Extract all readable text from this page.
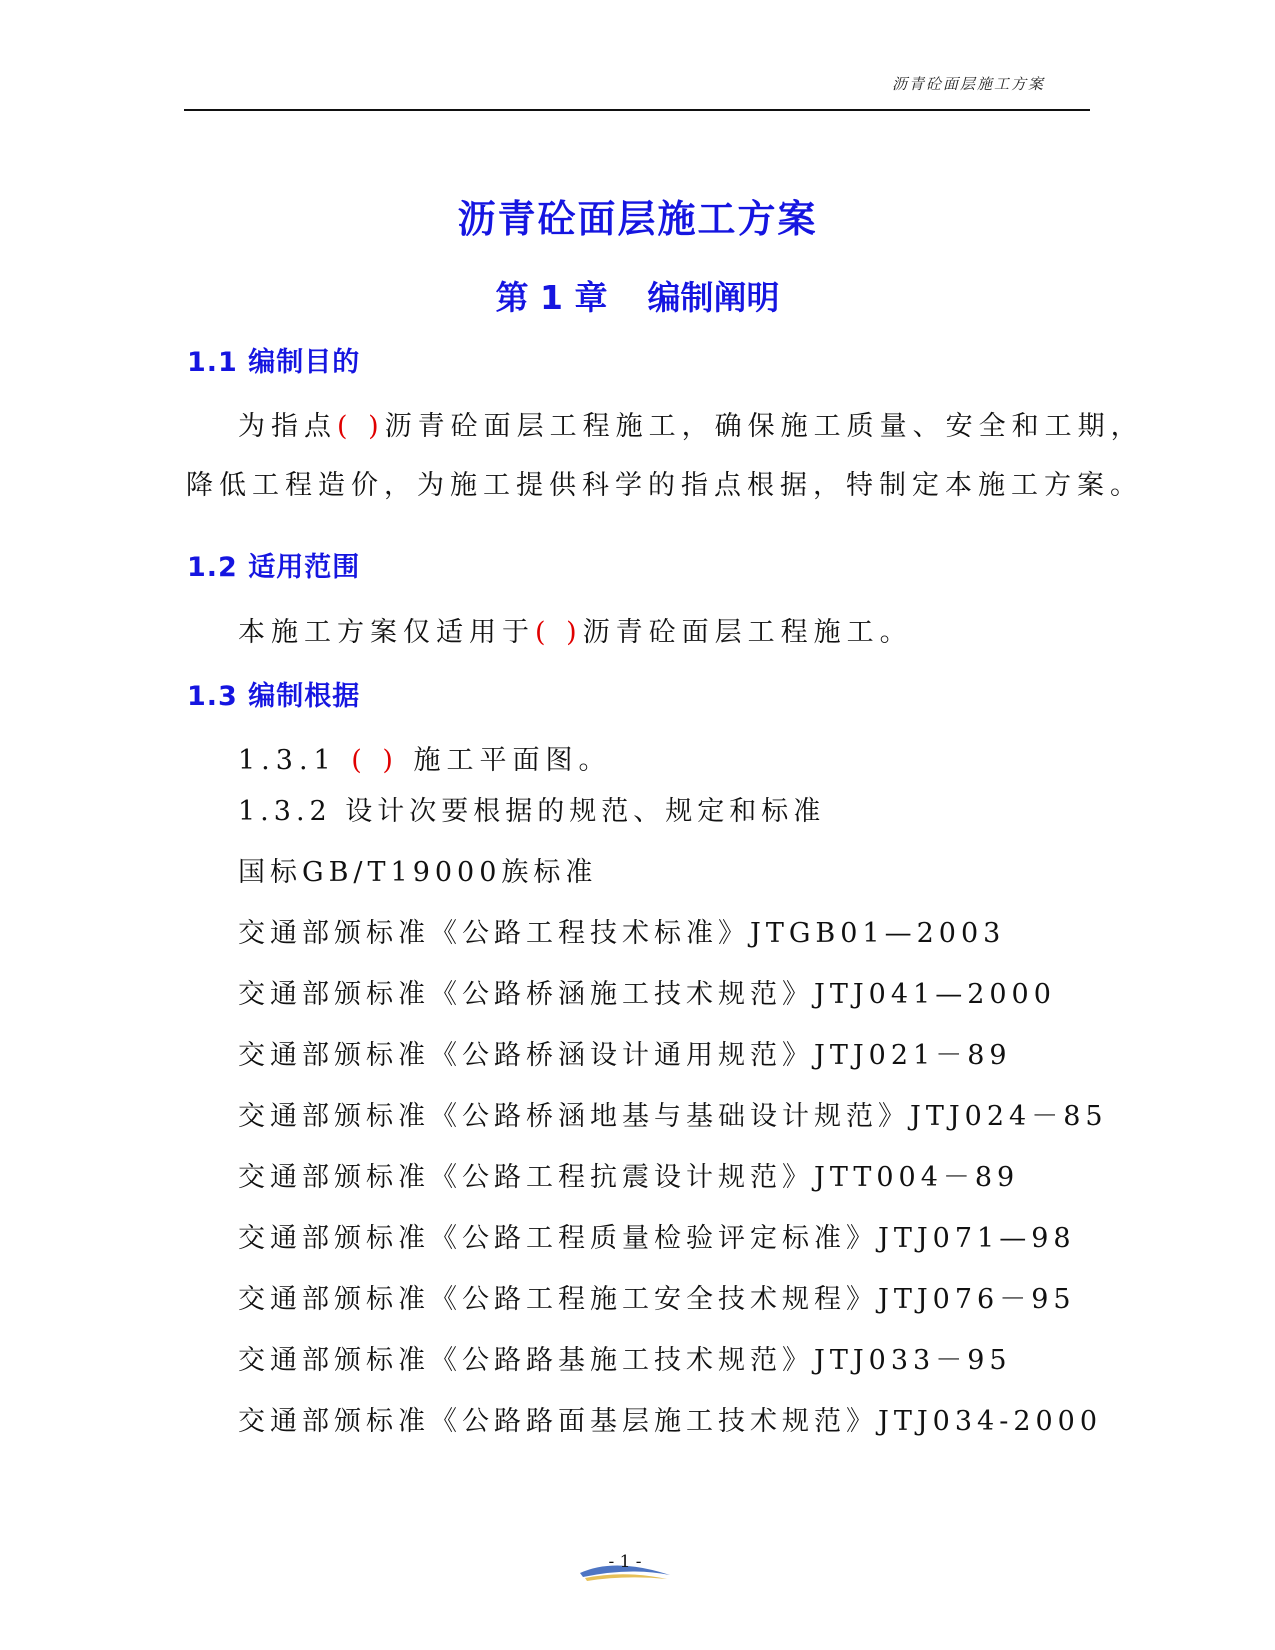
沥青砼面层施工方案
沥青砼面层施工方案
第 1 章 编制阐明
1.1 编制目的
为指点( )沥青砼面层工程施工，确保施工质量、安全和工期，
降低工程造价，为施工提供科学的指点根据，特制定本施工方案。
1.2 适用范围
本施工方案仅适用于( )沥青砼面层工程施工。
1.3 编制根据
1.3.1 ( ) 施工平面图。
1.3.2 设计次要根据的规范、规定和标准
国标GB/T19000族标准
交通部颁标准《公路工程技术标准》JTGB01—2003
交通部颁标准《公路桥涵施工技术规范》JTJ041—2000
交通部颁标准《公路桥涵设计通用规范》JTJ021－89
交通部颁标准《公路桥涵地基与基础设计规范》JTJ024－85
交通部颁标准《公路工程抗震设计规范》JTT004－89
交通部颁标准《公路工程质量检验评定标准》JTJ071—98
交通部颁标准《公路工程施工安全技术规程》JTJ076－95
交通部颁标准《公路路基施工技术规范》JTJ033－95
交通部颁标准《公路路面基层施工技术规范》JTJ034-2000
- 1 -
